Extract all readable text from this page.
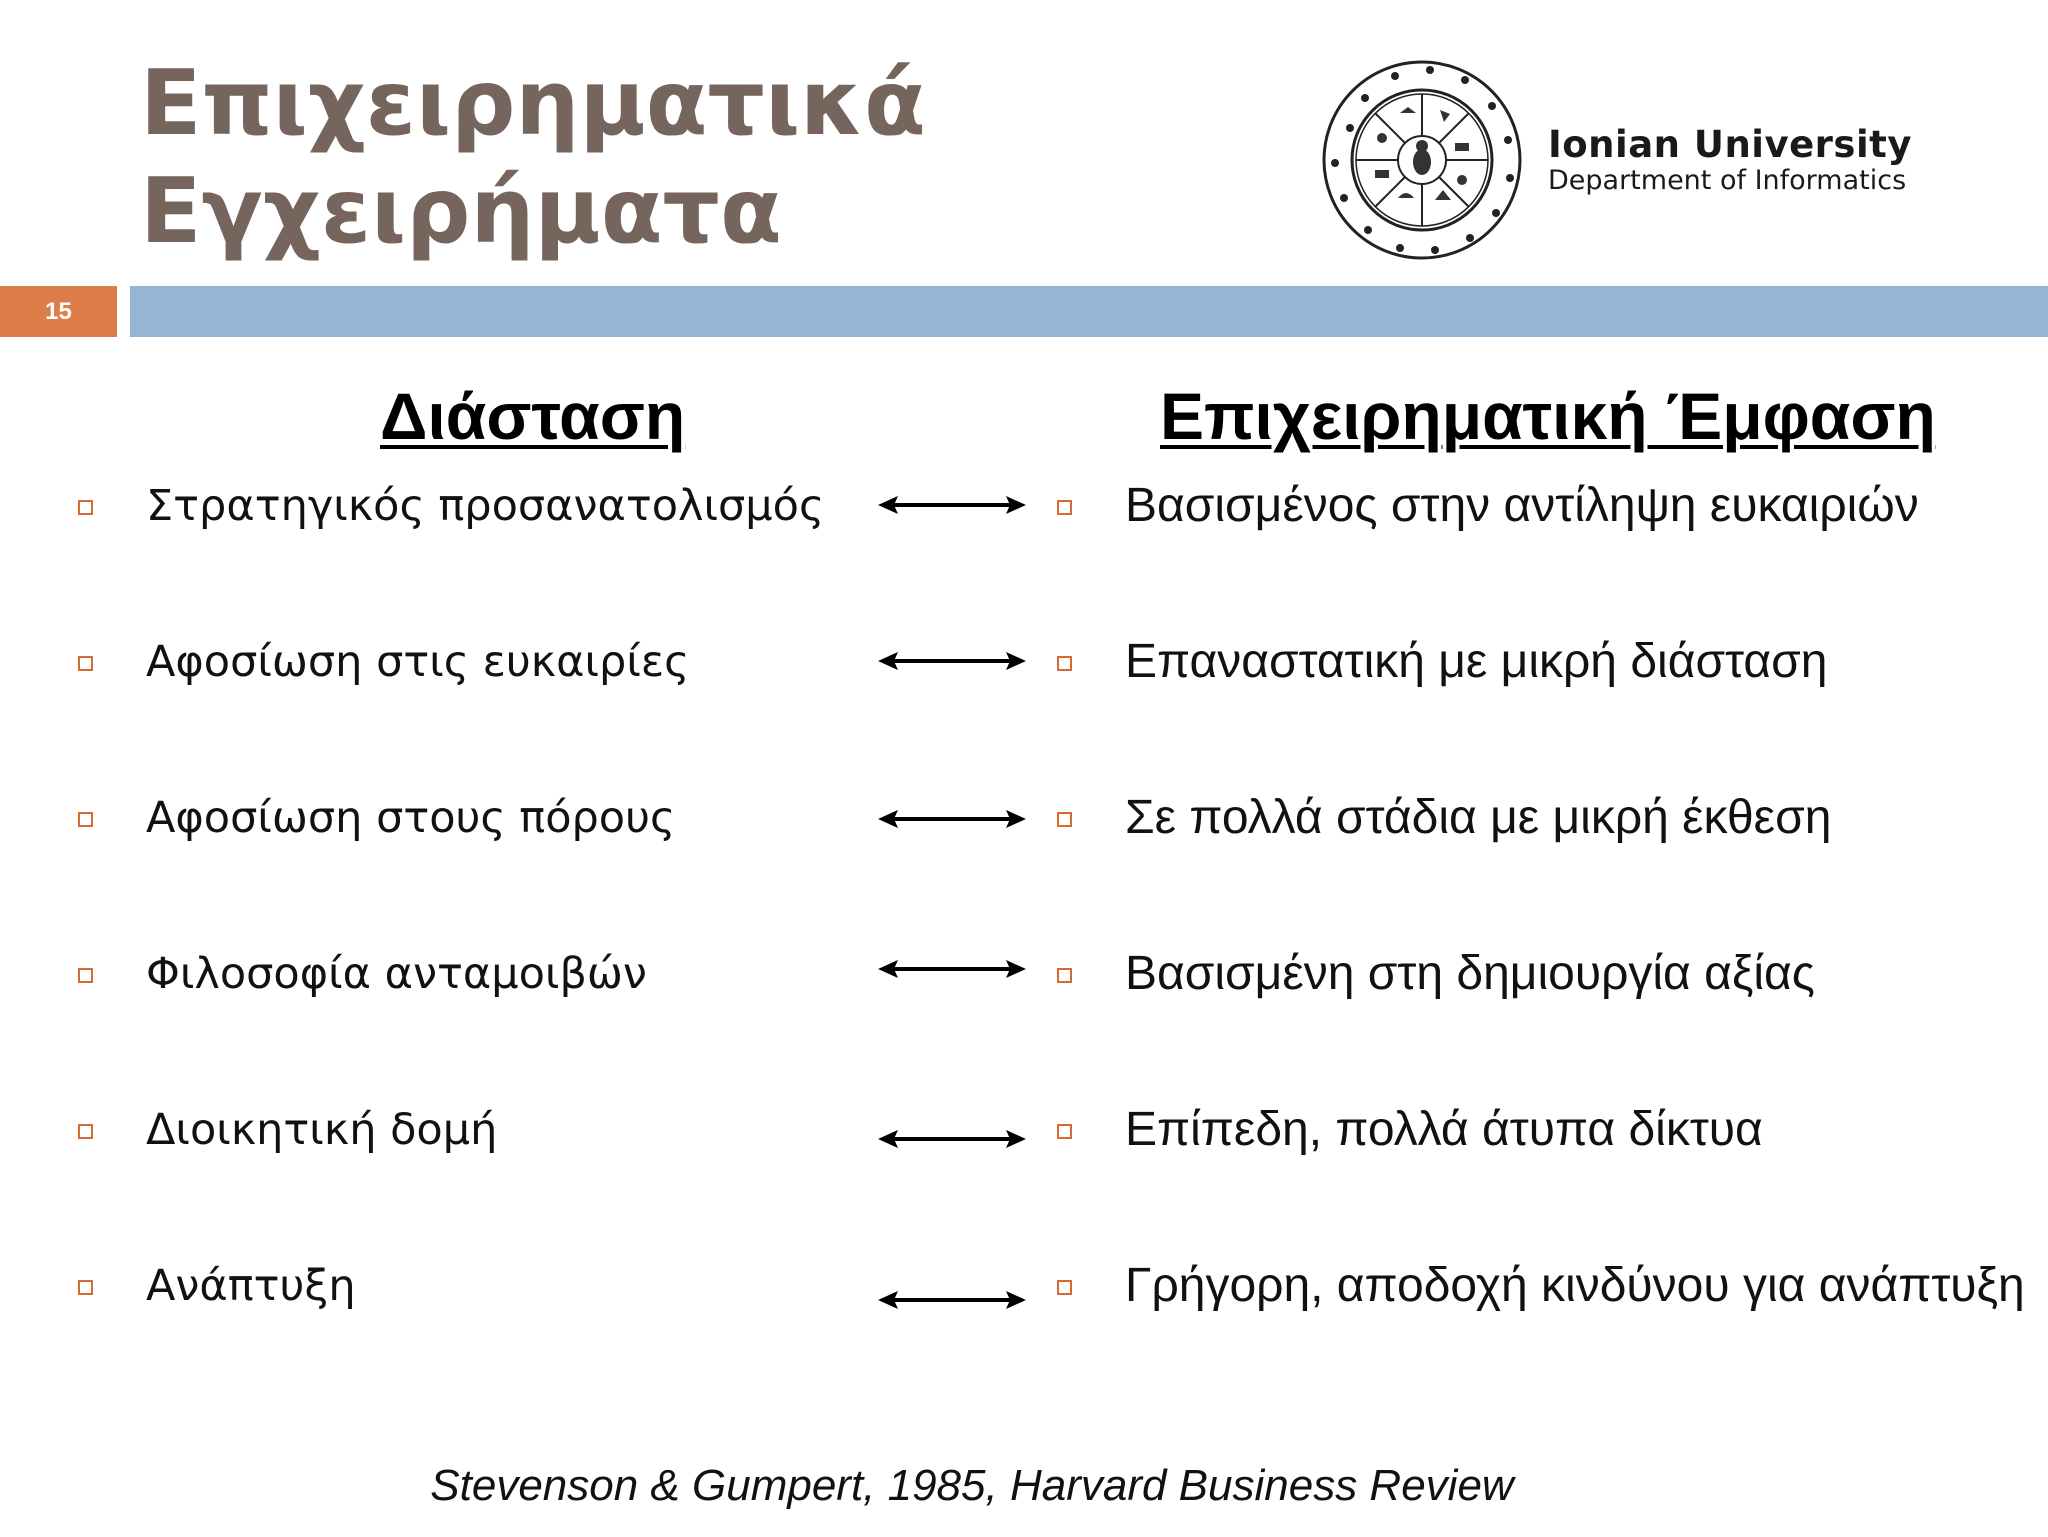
Επιχειρηματικά
Εγχειρήματα
Ionian University
Department of Informatics
15
Διάσταση	Επιχειρηματική Έμφαση
Στρατηγικός προσανατολισμός	Βασισμένος στην αντίληψη ευκαιριών
Αφοσίωση στις ευκαιρίες	Επαναστατική με μικρή διάσταση
Αφοσίωση στους πόρους	Σε πολλά στάδια με μικρή έκθεση
Φιλοσοφία ανταμοιβών	Βασισμένη στη δημιουργία αξίας
Διοικητική δομή	Επίπεδη, πολλά άτυπα δίκτυα
Ανάπτυξη	Γρήγορη, αποδοχή κινδύνου για ανάπτυξη

Stevenson & Gumpert, 1985, Harvard Business Review
